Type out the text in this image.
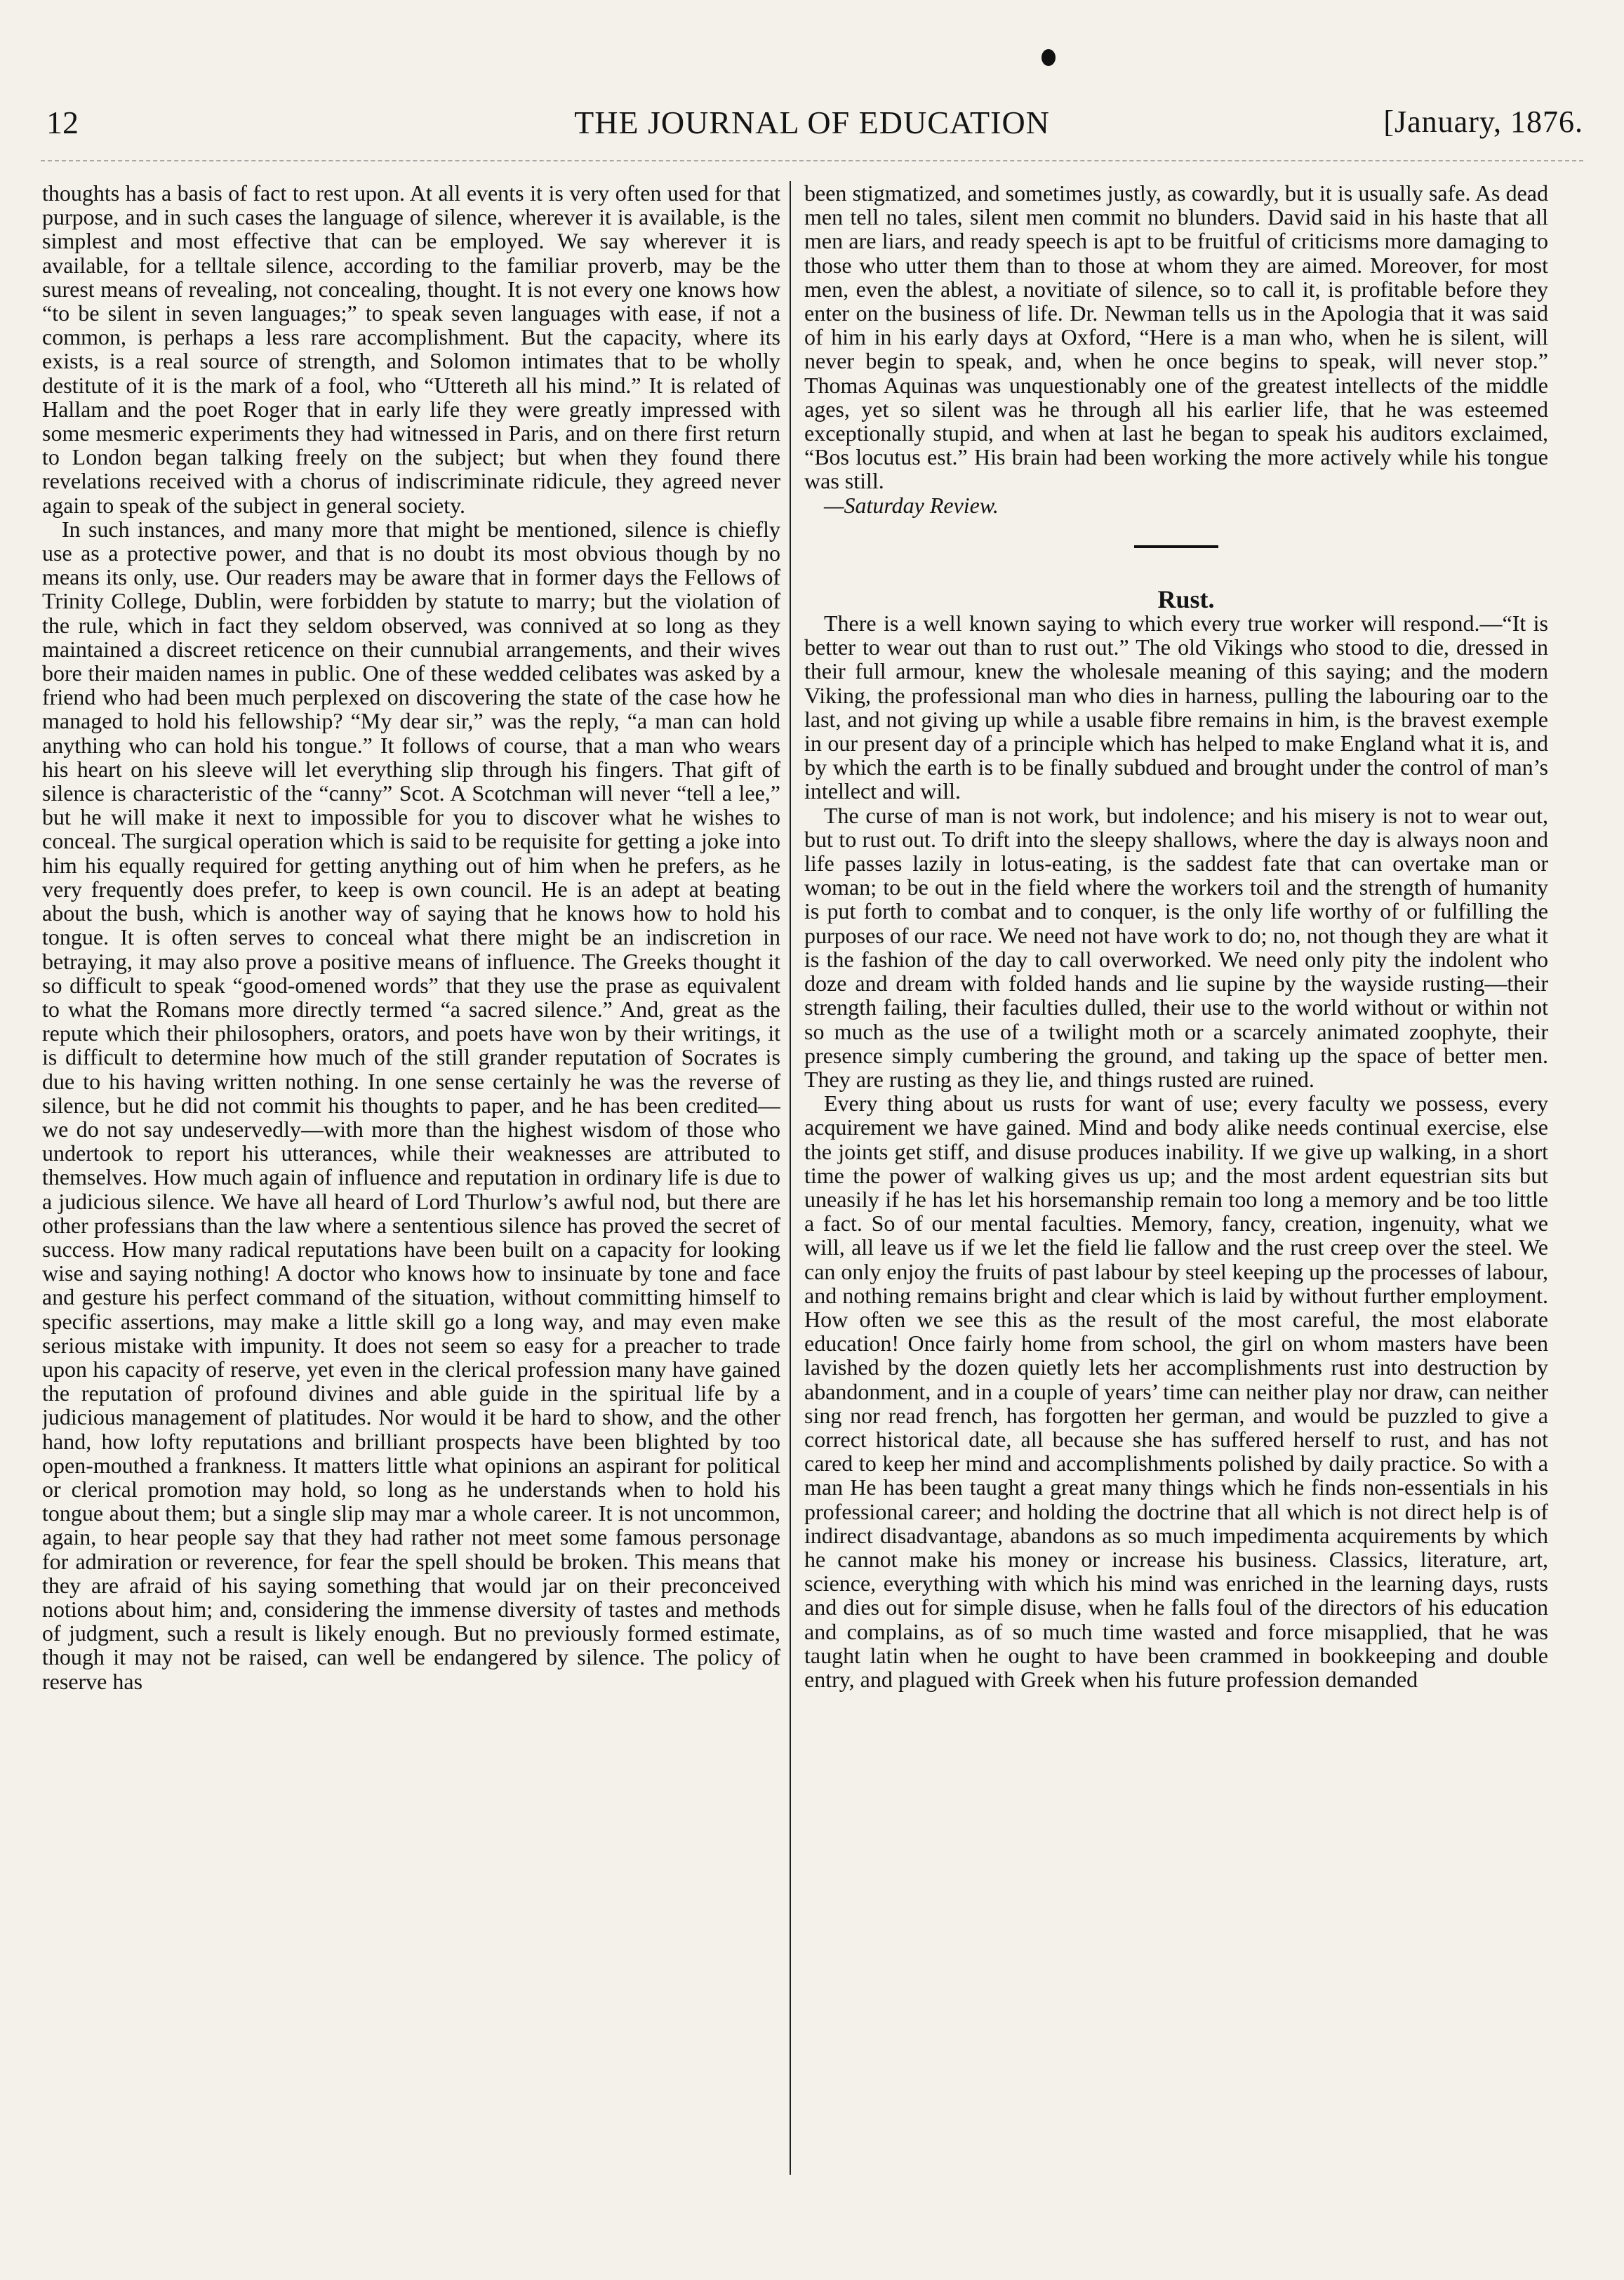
12	THE JOURNAL OF EDUCATION	[January, 1876.

thoughts has a basis of fact to rest upon. At all events it is very often used for that purpose, and in such cases the language of silence, wherever it is available, is the simplest and most effective that can be employed. We say wherever it is available, for a telltale silence, according to the familiar proverb, may be the surest means of revealing, not concealing, thought. It is not every one knows how “to be silent in seven languages;” to speak seven languages with ease, if not a common, is perhaps a less rare accomplishment. But the capacity, where its exists, is a real source of strength, and Solomon intimates that to be wholly destitute of it is the mark of a fool, who “Uttereth all his mind.” It is related of Hallam and the poet Roger that in early life they were greatly impressed with some mesmeric experiments they had witnessed in Paris, and on there first return to London began talking freely on the subject; but when they found there revelations received with a chorus of indiscriminate ridicule, they agreed never again to speak of the subject in general society.

In such instances, and many more that might be mentioned, silence is chiefly use as a protective power, and that is no doubt its most obvious though by no means its only, use. Our readers may be aware that in former days the Fellows of Trinity College, Dublin, were forbidden by statute to marry; but the violation of the rule, which in fact they seldom observed, was connived at so long as they maintained a discreet reticence on their cunnubial arrangements, and their wives bore their maiden names in public. One of these wedded celibates was asked by a friend who had been much perplexed on discovering the state of the case how he managed to hold his fellowship? “My dear sir,” was the reply, “a man can hold anything who can hold his tongue.” It follows of course, that a man who wears his heart on his sleeve will let everything slip through his fingers. That gift of silence is characteristic of the “canny” Scot. A Scotchman will never “tell a lee,” but he will make it next to impossible for you to discover what he wishes to conceal. The surgical operation which is said to be requisite for getting a joke into him his equally required for getting anything out of him when he prefers, as he very frequently does prefer, to keep is own council. He is an adept at beating about the bush, which is another way of saying that he knows how to hold his tongue. It is often serves to conceal what there might be an indiscretion in betraying, it may also prove a positive means of influence. The Greeks thought it so difficult to speak “good-omened words” that they use the prase as equivalent to what the Romans more directly termed “a sacred silence.” And, great as the repute which their philosophers, orators, and poets have won by their writings, it is difficult to determine how much of the still grander reputation of Socrates is due to his having written nothing. In one sense certainly he was the reverse of silence, but he did not commit his thoughts to paper, and he has been credited—we do not say undeservedly—with more than the highest wisdom of those who undertook to report his utterances, while their weaknesses are attributed to themselves. How much again of influence and reputation in ordinary life is due to a judicious silence. We have all heard of Lord Thurlow’s awful nod, but there are other professians than the law where a sententious silence has proved the secret of success. How many radical reputations have been built on a capacity for looking wise and saying nothing! A doctor who knows how to insinuate by tone and face and gesture his perfect command of the situation, without committing himself to specific assertions, may make a little skill go a long way, and may even make serious mistake with impunity. It does not seem so easy for a preacher to trade upon his capacity of reserve, yet even in the clerical profession many have gained the reputation of profound divines and able guide in the spiritual life by a judicious management of platitudes. Nor would it be hard to show, and the other hand, how lofty reputations and brilliant prospects have been blighted by too open-mouthed a frankness. It matters little what opinions an aspirant for political or clerical promotion may hold, so long as he understands when to hold his tongue about them; but a single slip may mar a whole career. It is not uncommon, again, to hear people say that they had rather not meet some famous personage for admiration or reverence, for fear the spell should be broken. This means that they are afraid of his saying something that would jar on their preconceived notions about him; and, considering the immense diversity of tastes and methods of judgment, such a result is likely enough. But no previously formed estimate, though it may not be raised, can well be endangered by silence. The policy of reserve has

been stigmatized, and sometimes justly, as cowardly, but it is usually safe. As dead men tell no tales, silent men commit no blunders. David said in his haste that all men are liars, and ready speech is apt to be fruitful of criticisms more damaging to those who utter them than to those at whom they are aimed. Moreover, for most men, even the ablest, a novitiate of silence, so to call it, is profitable before they enter on the business of life. Dr. Newman tells us in the Apologia that it was said of him in his early days at Oxford, “Here is a man who, when he is silent, will never begin to speak, and, when he once begins to speak, will never stop.” Thomas Aquinas was unquestionably one of the greatest intellects of the middle ages, yet so silent was he through all his earlier life, that he was esteemed exceptionally stupid, and when at last he began to speak his auditors exclaimed, “Bos locutus est.” His brain had been working the more actively while his tongue was still.

—Saturday Review.

Rust.

There is a well known saying to which every true worker will respond.—“It is better to wear out than to rust out.” The old Vikings who stood to die, dressed in their full armour, knew the wholesale meaning of this saying; and the modern Viking, the professional man who dies in harness, pulling the labouring oar to the last, and not giving up while a usable fibre remains in him, is the bravest exemple in our present day of a principle which has helped to make England what it is, and by which the earth is to be finally subdued and brought under the control of man’s intellect and will.

The curse of man is not work, but indolence; and his misery is not to wear out, but to rust out. To drift into the sleepy shallows, where the day is always noon and life passes lazily in lotus-eating, is the saddest fate that can overtake man or woman; to be out in the field where the workers toil and the strength of humanity is put forth to combat and to conquer, is the only life worthy of or fulfilling the purposes of our race. We need not have work to do; no, not though they are what it is the fashion of the day to call overworked. We need only pity the indolent who doze and dream with folded hands and lie supine by the wayside rusting—their strength failing, their faculties dulled, their use to the world without or within not so much as the use of a twilight moth or a scarcely animated zoophyte, their presence simply cumbering the ground, and taking up the space of better men. They are rusting as they lie, and things rusted are ruined.

Every thing about us rusts for want of use; every faculty we possess, every acquirement we have gained. Mind and body alike needs continual exercise, else the joints get stiff, and disuse produces inability. If we give up walking, in a short time the power of walking gives us up; and the most ardent equestrian sits but uneasily if he has let his horsemanship remain too long a memory and be too little a fact. So of our mental faculties. Memory, fancy, creation, ingenuity, what we will, all leave us if we let the field lie fallow and the rust creep over the steel. We can only enjoy the fruits of past labour by steel keeping up the processes of labour, and nothing remains bright and clear which is laid by without further employment. How often we see this as the result of the most careful, the most elaborate education! Once fairly home from school, the girl on whom masters have been lavished by the dozen quietly lets her accomplishments rust into destruction by abandonment, and in a couple of years’ time can neither play nor draw, can neither sing nor read french, has forgotten her german, and would be puzzled to give a correct historical date, all because she has suffered herself to rust, and has not cared to keep her mind and accomplishments polished by daily practice. So with a man He has been taught a great many things which he finds non-essentials in his professional career; and holding the doctrine that all which is not direct help is of indirect disadvantage, abandons as so much impedimenta acquirements by which he cannot make his money or increase his business. Classics, literature, art, science, everything with which his mind was enriched in the learning days, rusts and dies out for simple disuse, when he falls foul of the directors of his education and complains, as of so much time wasted and force misapplied, that he was taught latin when he ought to have been crammed in bookkeeping and double entry, and plagued with Greek when his future profession demanded
